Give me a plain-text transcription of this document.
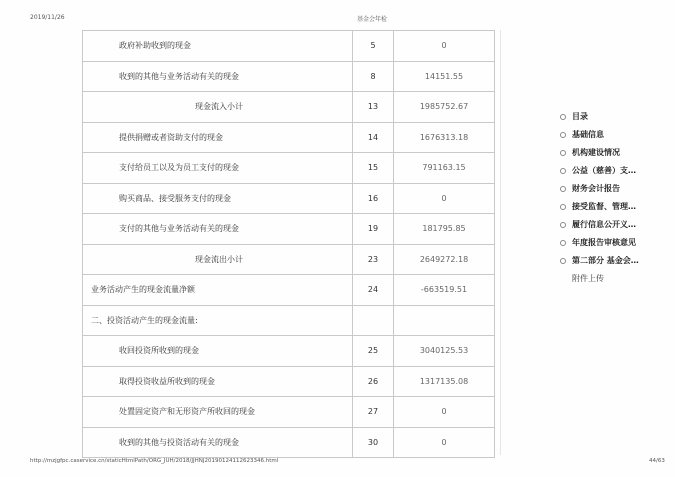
2019/11/26	基金会年检
政府补助收到的现金	5	0
收到的其他与业务活动有关的现金	8	14151.55
现金流入小计	13	1985752.67
提供捐赠或者资助支付的现金	14	1676313.18
支付给员工以及为员工支付的现金	15	791163.15
购买商品、接受服务支付的现金	16	0
支付的其他与业务活动有关的现金	19	181795.85
现金流出小计	23	2649272.18
业务活动产生的现金流量净额	24	-663519.51
二、投资活动产生的现金流量:		
收回投资所收到的现金	25	3040125.53
取得投资收益所收到的现金	26	1317135.08
处置固定资产和无形资产所收回的现金	27	0
收到的其他与投资活动有关的现金	30	0
目录
基础信息
机构建设情况
公益（慈善）支…
财务会计报告
接受监督、管理…
履行信息公开义…
年度报告审核意见
第二部分 基金会…
附件上传
http://mzjgfpc.caservice.cn/staticHtmlPath/ORG_JUH/2018/JJHNJ20190124112623346.html	44/63
